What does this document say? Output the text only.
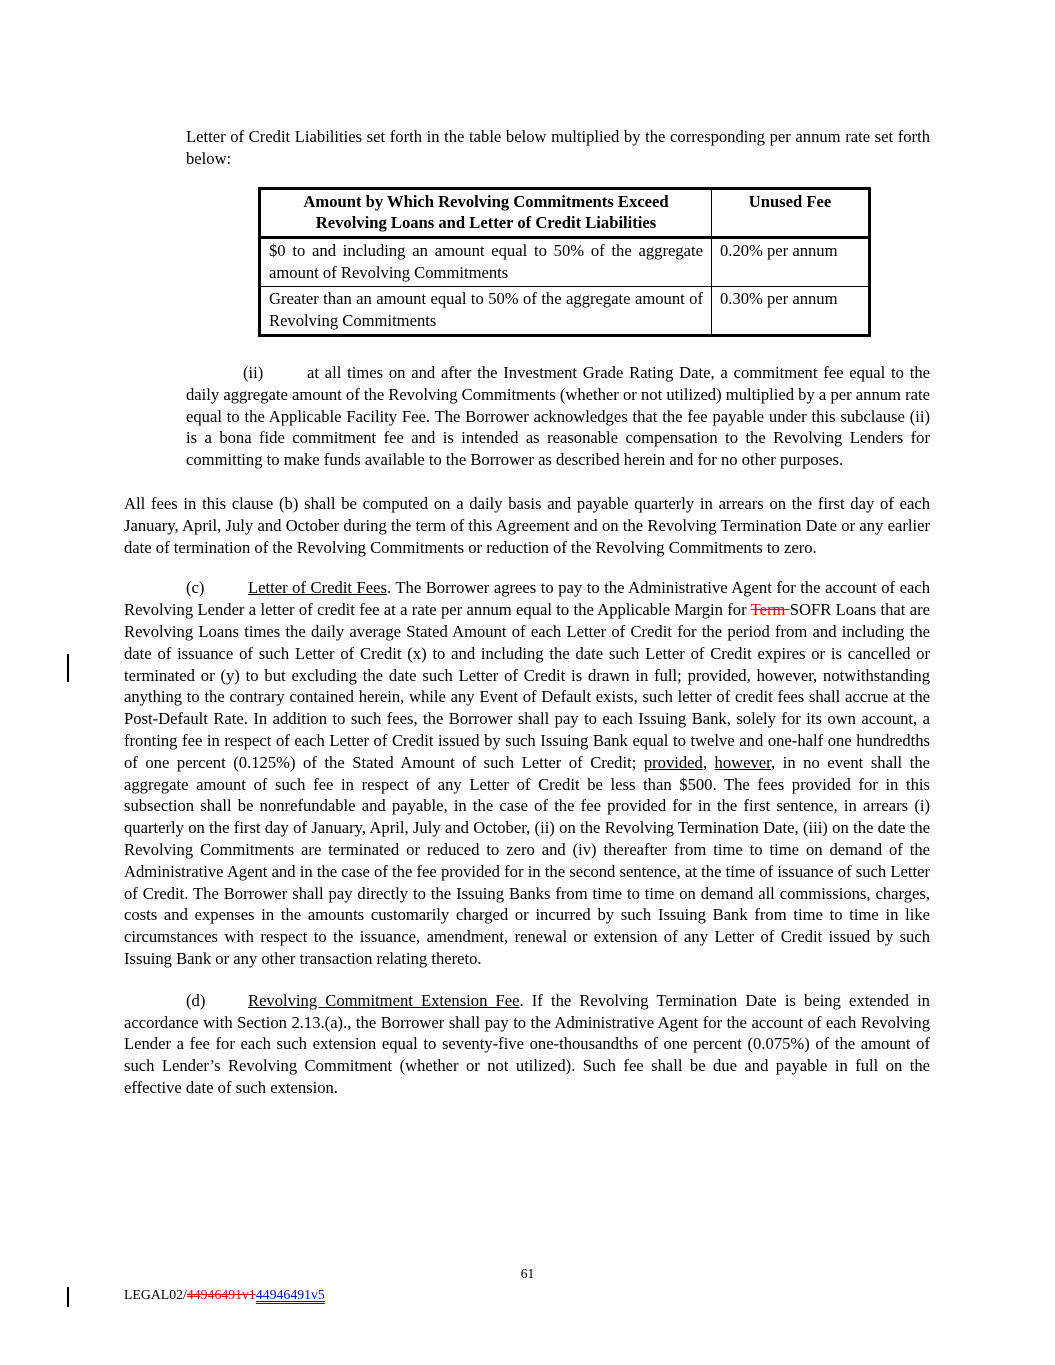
Letter of Credit Liabilities set forth in the table below multiplied by the corresponding per annum rate set forth below:

Amount by Which Revolving Commitments Exceed Revolving Loans and Letter of Credit Liabilities	Unused Fee
$0 to and including an amount equal to 50% of the aggregate amount of Revolving Commitments	0.20% per annum
Greater than an amount equal to 50% of the aggregate amount of Revolving Commitments	0.30% per annum

(ii)	at all times on and after the Investment Grade Rating Date, a commitment fee equal to the daily aggregate amount of the Revolving Commitments (whether or not utilized) multiplied by a per annum rate equal to the Applicable Facility Fee. The Borrower acknowledges that the fee payable under this subclause (ii) is a bona fide commitment fee and is intended as reasonable compensation to the Revolving Lenders for committing to make funds available to the Borrower as described herein and for no other purposes.

All fees in this clause (b) shall be computed on a daily basis and payable quarterly in arrears on the first day of each January, April, July and October during the term of this Agreement and on the Revolving Termination Date or any earlier date of termination of the Revolving Commitments or reduction of the Revolving Commitments to zero.

(c)	Letter of Credit Fees. The Borrower agrees to pay to the Administrative Agent for the account of each Revolving Lender a letter of credit fee at a rate per annum equal to the Applicable Margin for Term SOFR Loans that are Revolving Loans times the daily average Stated Amount of each Letter of Credit for the period from and including the date of issuance of such Letter of Credit (x) to and including the date such Letter of Credit expires or is cancelled or terminated or (y) to but excluding the date such Letter of Credit is drawn in full; provided, however, notwithstanding anything to the contrary contained herein, while any Event of Default exists, such letter of credit fees shall accrue at the Post-Default Rate. In addition to such fees, the Borrower shall pay to each Issuing Bank, solely for its own account, a fronting fee in respect of each Letter of Credit issued by such Issuing Bank equal to twelve and one-half one hundredths of one percent (0.125%) of the Stated Amount of such Letter of Credit; provided, however, in no event shall the aggregate amount of such fee in respect of any Letter of Credit be less than $500. The fees provided for in this subsection shall be nonrefundable and payable, in the case of the fee provided for in the first sentence, in arrears (i) quarterly on the first day of January, April, July and October, (ii) on the Revolving Termination Date, (iii) on the date the Revolving Commitments are terminated or reduced to zero and (iv) thereafter from time to time on demand of the Administrative Agent and in the case of the fee provided for in the second sentence, at the time of issuance of such Letter of Credit. The Borrower shall pay directly to the Issuing Banks from time to time on demand all commissions, charges, costs and expenses in the amounts customarily charged or incurred by such Issuing Bank from time to time in like circumstances with respect to the issuance, amendment, renewal or extension of any Letter of Credit issued by such Issuing Bank or any other transaction relating thereto.

(d)	Revolving Commitment Extension Fee. If the Revolving Termination Date is being extended in accordance with Section 2.13.(a)., the Borrower shall pay to the Administrative Agent for the account of each Revolving Lender a fee for each such extension equal to seventy-five one-thousandths of one percent (0.075%) of the amount of such Lender’s Revolving Commitment (whether or not utilized). Such fee shall be due and payable in full on the effective date of such extension.

61
LEGAL02/44946491v144946491v5
